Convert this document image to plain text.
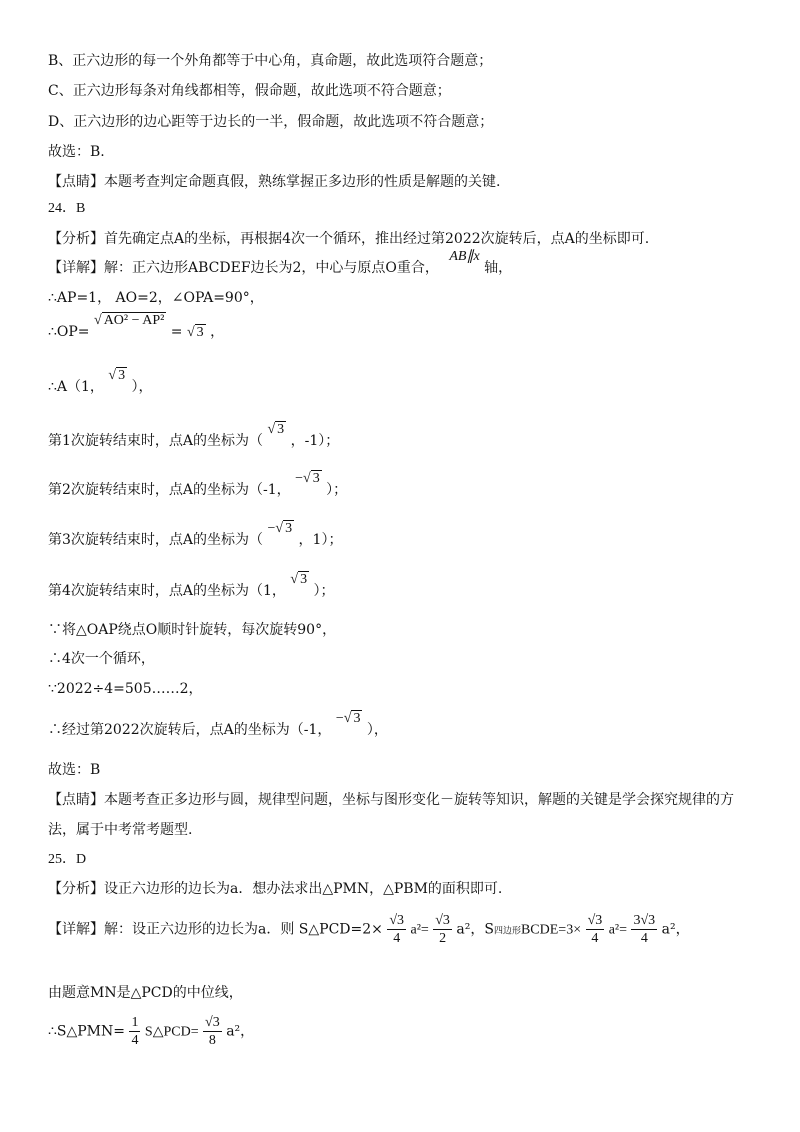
B、正六边形的每一个外角都等于中心角，真命题，故此选项符合题意；
C、正六边形每条对角线都相等，假命题，故此选项不符合题意；
D、正六边形的边心距等于边长的一半，假命题，故此选项不符合题意；
故选：B.
【点睛】本题考查判定命题真假，熟练掌握正多边形的性质是解题的关键.
24．B
【分析】首先确定点A的坐标，再根据4次一个循环，推出经过第2022次旋转后，点A的坐标即可.
【详解】解：正六边形ABCDEF边长为2，中心与原点O重合， AB∥x 轴，
∴AP=1， AO=2，∠OPA=90°，
∴OP= √ AO² − AP² = √ 3 ，
∴A（1， √ 3 ），
第1次旋转结束时，点A的坐标为（ √ 3 ，-1）；
第2次旋转结束时，点A的坐标为（-1， −√ 3 ）；
第3次旋转结束时，点A的坐标为（ −√ 3 ，1）；
第4次旋转结束时，点A的坐标为（1， √ 3 ）；
∵将△OAP绕点O顺时针旋转，每次旋转90°，
∴4次一个循环，
∵2022÷4=505……2，
∴经过第2022次旋转后，点A的坐标为（-1， −√ 3 ），
故选：B
【点睛】本题考查正多边形与圆，规律型问题，坐标与图形变化－旋转等知识，解题的关键是学会探究规律的方
法，属于中考常考题型.
25．D
【分析】设正六边形的边长为a．想办法求出△PMN，△PBM的面积即可.
【详解】解：设正六边形的边长为a．则 S△PCD=2× $\frac{√3}{4} a^2= \frac{√3}{2} a^2$，S四边形BCDE=3× $\frac{√3}{4} a^2= \frac{3√3}{4} a^2$，
由题意MN是△PCD的中位线，
∴S△PMN= $\frac{1}{4}$ S△PCD= $\frac{√3}{8} a^2$，
